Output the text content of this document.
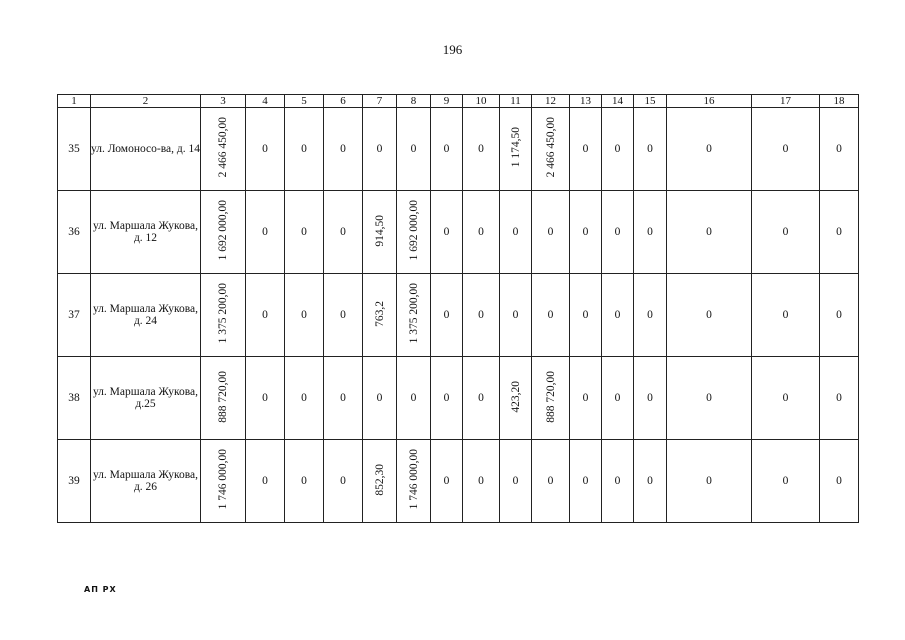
196
1	2	3	4	5	6	7	8	9	10	11	12	13	14	15	16	17	18
35	ул. Ломоносо-ва, д. 14	2 466 450,00	0	0	0	0	0	0	0	1 174,50	2 466 450,00	0	0	0	0	0	0
36	ул. Маршала Жукова, д. 12	1 692 000,00	0	0	0	914,50	1 692 000,00	0	0	0	0	0	0	0	0	0	0
37	ул. Маршала Жукова, д. 24	1 375 200,00	0	0	0	763,2	1 375 200,00	0	0	0	0	0	0	0	0	0	0
38	ул. Маршала Жукова, д.25	888 720,00	0	0	0	0	0	0	0	423,20	888 720,00	0	0	0	0	0	0
39	ул. Маршала Жукова, д. 26	1 746 000,00	0	0	0	852,30	1 746 000,00	0	0	0	0	0	0	0	0	0	0
АП РХ
